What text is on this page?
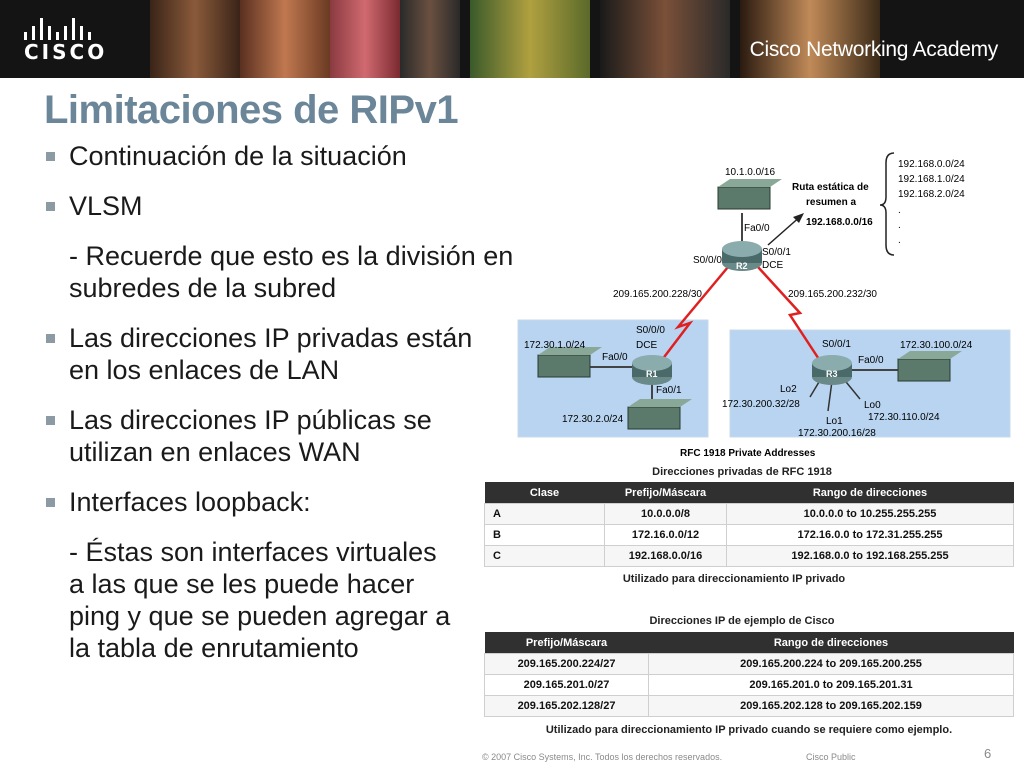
CISCO	Cisco Networking Academy
Limitaciones de RIPv1
Continuación de la situación
VLSM
- Recuerde que esto es la división en subredes de la subred
Las direcciones IP privadas están en los enlaces de LAN
Las direcciones IP públicas se utilizan en enlaces WAN
Interfaces loopback:
- Éstas son interfaces virtuales a las que se les puede hacer ping y que se pueden agregar a la tabla de enrutamiento
10.1.0.0/16
Ruta estática de
resumen a
192.168.0.0/16
192.168.0.0/24
192.168.1.0/24
192.168.2.0/24
.
.
.
Fa0/0
S0/0/0
S0/0/1
DCE
R2
209.165.200.228/30	209.165.200.232/30
S0/0/0
DCE
Fa0/0
Fa0/1
R1
172.30.1.0/24
172.30.2.0/24
S0/0/1
Fa0/0
R3
172.30.100.0/24
Lo2
172.30.200.32/28
Lo1
172.30.200.16/28
Lo0
172.30.110.0/24
RFC 1918 Private Addresses
Direcciones privadas de RFC 1918
Clase	Prefijo/Máscara	Rango de direcciones
A	10.0.0.0/8	10.0.0.0 to 10.255.255.255
B	172.16.0.0/12	172.16.0.0 to 172.31.255.255
C	192.168.0.0/16	192.168.0.0 to 192.168.255.255
Utilizado para direccionamiento IP privado
Direcciones IP de ejemplo de Cisco
Prefijo/Máscara	Rango de direcciones
209.165.200.224/27	209.165.200.224 to 209.165.200.255
209.165.201.0/27	209.165.201.0 to 209.165.201.31
209.165.202.128/27	209.165.202.128 to 209.165.202.159
Utilizado para direccionamiento IP privado cuando se requiere como ejemplo.
© 2007 Cisco Systems, Inc. Todos los derechos reservados.	Cisco Public	6
